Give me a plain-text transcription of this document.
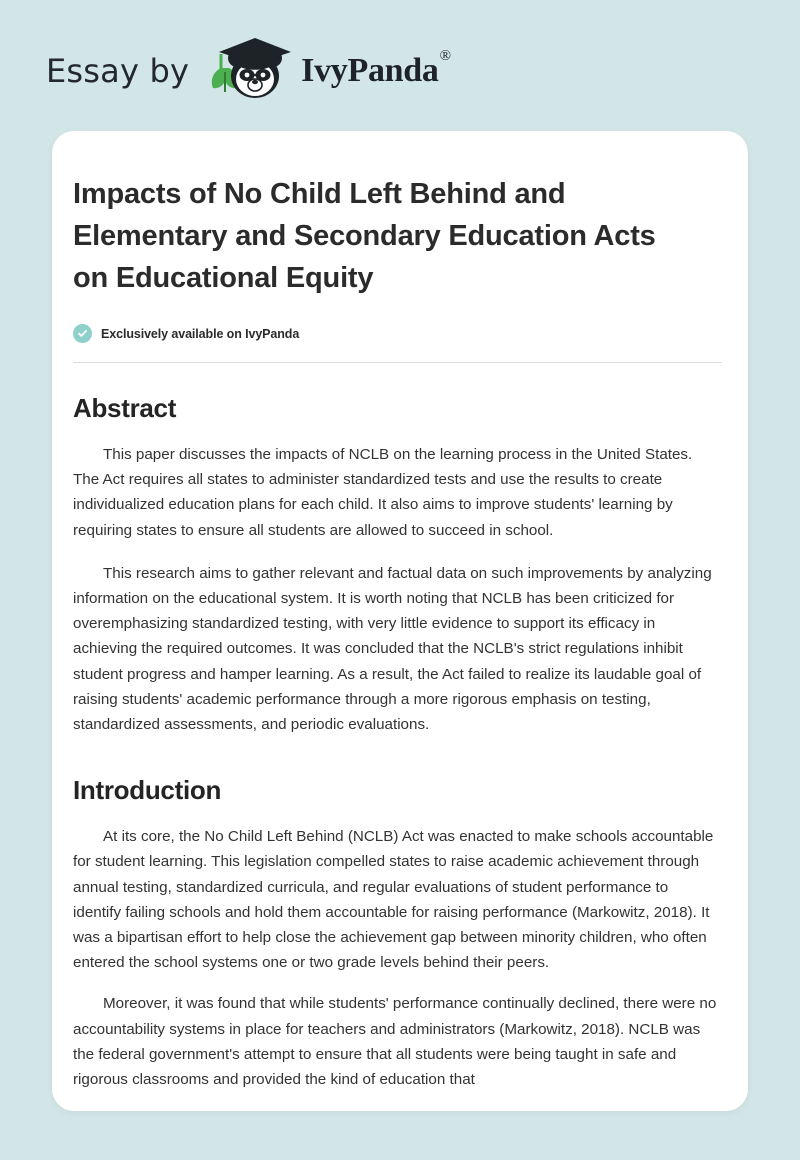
Essay by	IvyPanda®
Impacts of No Child Left Behind and Elementary and Secondary Education Acts on Educational Equity
Exclusively available on IvyPanda
Abstract

This paper discusses the impacts of NCLB on the learning process in the United States. The Act requires all states to administer standardized tests and use the results to create individualized education plans for each child. It also aims to improve students' learning by requiring states to ensure all students are allowed to succeed in school.

This research aims to gather relevant and factual data on such improvements by analyzing information on the educational system. It is worth noting that NCLB has been criticized for overemphasizing standardized testing, with very little evidence to support its efficacy in achieving the required outcomes. It was concluded that the NCLB's strict regulations inhibit student progress and hamper learning. As a result, the Act failed to realize its laudable goal of raising students' academic performance through a more rigorous emphasis on testing, standardized assessments, and periodic evaluations.

Introduction

At its core, the No Child Left Behind (NCLB) Act was enacted to make schools accountable for student learning. This legislation compelled states to raise academic achievement through annual testing, standardized curricula, and regular evaluations of student performance to identify failing schools and hold them accountable for raising performance (Markowitz, 2018). It was a bipartisan effort to help close the achievement gap between minority children, who often entered the school systems one or two grade levels behind their peers.

Moreover, it was found that while students' performance continually declined, there were no accountability systems in place for teachers and administrators (Markowitz, 2018). NCLB was the federal government's attempt to ensure that all students were being taught in safe and rigorous classrooms and provided the kind of education that
